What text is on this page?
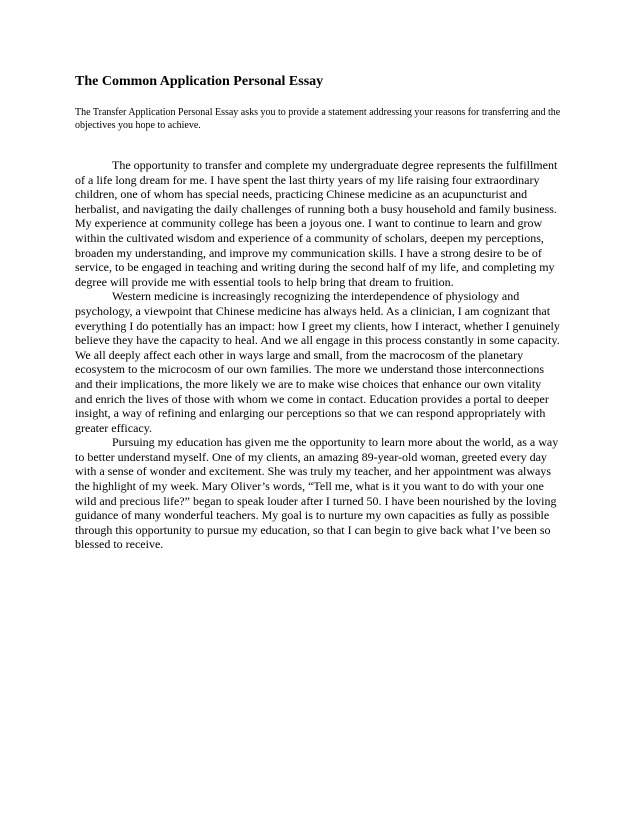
The Common Application Personal Essay

The Transfer Application Personal Essay asks you to provide a statement addressing your reasons for transferring and the objectives you hope to achieve.

The opportunity to transfer and complete my undergraduate degree represents the fulfillment of a life long dream for me. I have spent the last thirty years of my life raising four extraordinary children, one of whom has special needs, practicing Chinese medicine as an acupuncturist and herbalist, and navigating the daily challenges of running both a busy household and family business. My experience at community college has been a joyous one. I want to continue to learn and grow within the cultivated wisdom and experience of a community of scholars, deepen my perceptions, broaden my understanding, and improve my communication skills. I have a strong desire to be of service, to be engaged in teaching and writing during the second half of my life, and completing my degree will provide me with essential tools to help bring that dream to fruition.

Western medicine is increasingly recognizing the interdependence of physiology and psychology, a viewpoint that Chinese medicine has always held. As a clinician, I am cognizant that everything I do potentially has an impact: how I greet my clients, how I interact, whether I genuinely believe they have the capacity to heal. And we all engage in this process constantly in some capacity. We all deeply affect each other in ways large and small, from the macrocosm of the planetary ecosystem to the microcosm of our own families. The more we understand those interconnections and their implications, the more likely we are to make wise choices that enhance our own vitality and enrich the lives of those with whom we come in contact. Education provides a portal to deeper insight, a way of refining and enlarging our perceptions so that we can respond appropriately with greater efficacy.

Pursuing my education has given me the opportunity to learn more about the world, as a way to better understand myself. One of my clients, an amazing 89-year-old woman, greeted every day with a sense of wonder and excitement. She was truly my teacher, and her appointment was always the highlight of my week. Mary Oliver’s words, “Tell me, what is it you want to do with your one wild and precious life?” began to speak louder after I turned 50. I have been nourished by the loving guidance of many wonderful teachers. My goal is to nurture my own capacities as fully as possible through this opportunity to pursue my education, so that I can begin to give back what I’ve been so blessed to receive.
